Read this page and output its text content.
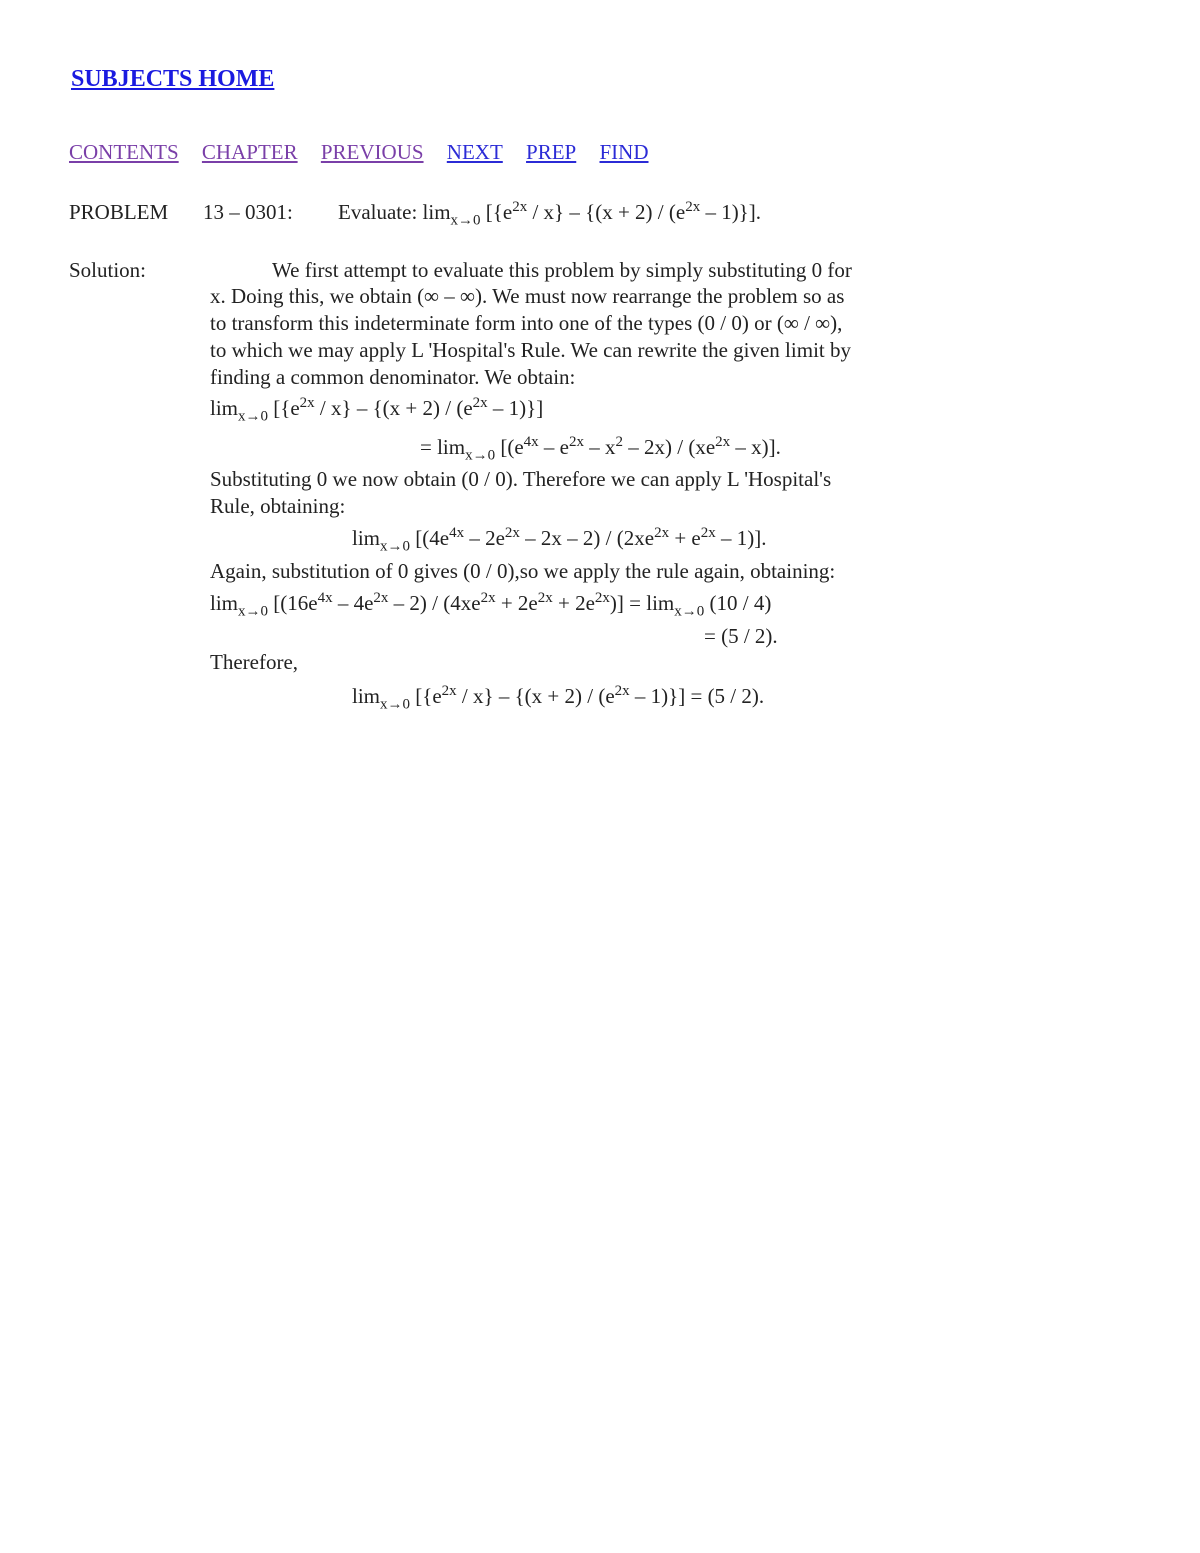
SUBJECTS HOME
CONTENTS CHAPTER PREVIOUS NEXT PREP FIND
PROBLEM 13 – 0301: Evaluate: $\lim_{x\to 0} [\{e^{2x} / x\} - \{(x + 2) / (e^{2x} - 1)\}]$.
Solution:	We first attempt to evaluate this problem by simply substituting 0 for
x. Doing this, we obtain (∞ – ∞). We must now rearrange the problem so as
to transform this indeterminate form into one of the types (0 / 0) or (∞ / ∞),
to which we may apply L 'Hospital's Rule. We can rewrite the given limit by
finding a common denominator. We obtain:
$\lim_{x\to 0} [\{e^{2x} / x\} - \{(x + 2) / (e^{2x} - 1)\}]$
= $\lim_{x\to 0} [(e^{4x} - e^{2x} - x^2 - 2x) / (xe^{2x} - x)]$.
Substituting 0 we now obtain (0 / 0). Therefore we can apply L 'Hospital's
Rule, obtaining:
$\lim_{x\to 0} [(4e^{4x} - 2e^{2x} - 2x - 2) / (2xe^{2x} + e^{2x} - 1)]$.
Again, substitution of 0 gives (0 / 0),so we apply the rule again, obtaining:
$\lim_{x\to 0} [(16e^{4x} - 4e^{2x} - 2) / (4xe^{2x} + 2e^{2x} + 2e^{2x})] = \lim_{x\to 0} (10 / 4)$
= (5 / 2).
Therefore,
$\lim_{x\to 0} [\{e^{2x} / x\} - \{(x + 2) / (e^{2x} - 1)\}] = (5 / 2)$.
